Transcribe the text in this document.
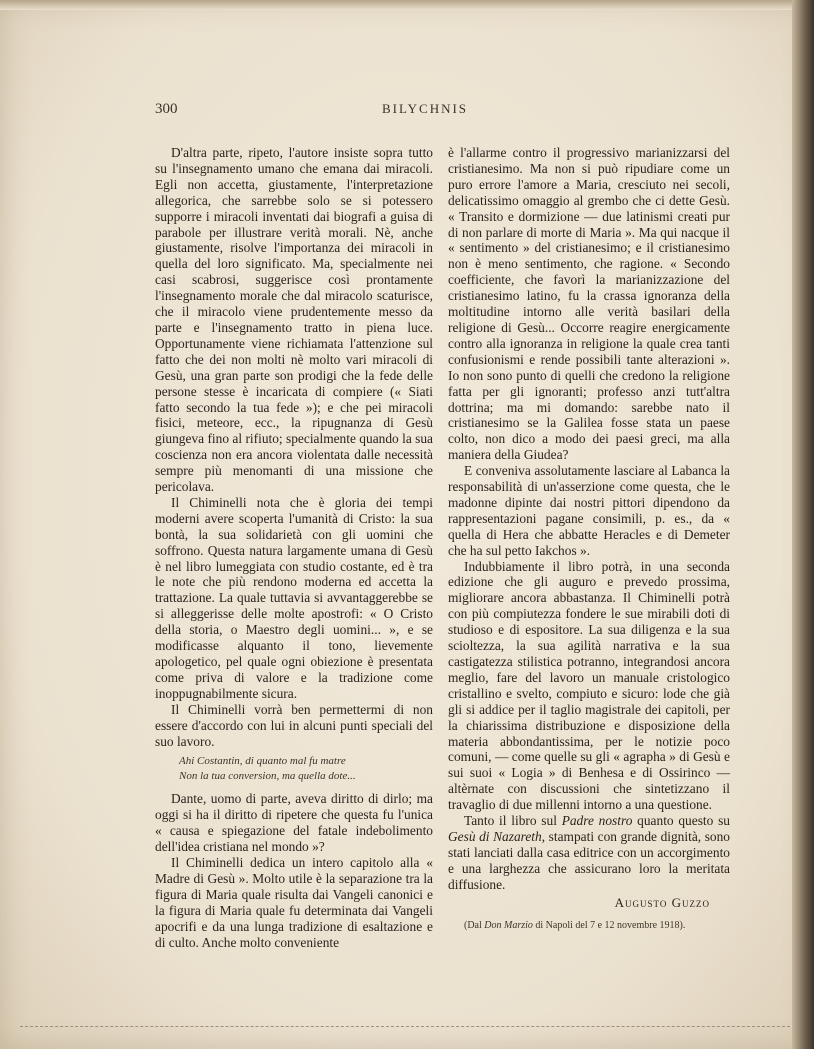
300	BILYCHNIS

D'altra parte, ripeto, l'autore insiste sopra tutto su l'insegnamento umano che emana dai miracoli. Egli non accetta, giustamente, l'interpretazione allegorica, che sarrebbe solo se si potessero supporre i miracoli inventati dai biografi a guisa di parabole per illustrare verità morali. Nè, anche giustamente, risolve l'importanza dei miracoli in quella del loro significato. Ma, specialmente nei casi scabrosi, suggerisce così prontamente l'insegnamento morale che dal miracolo scaturisce, che il miracolo viene prudentemente messo da parte e l'insegnamento tratto in piena luce. Opportunamente viene richiamata l'attenzione sul fatto che dei non molti nè molto vari miracoli di Gesù, una gran parte son prodigi che la fede delle persone stesse è incaricata di compiere (« Siati fatto secondo la tua fede »); e che pei miracoli fisici, meteore, ecc., la ripugnanza di Gesù giungeva fino al rifiuto; specialmente quando la sua coscienza non era ancora violentata dalle necessità sempre più menomanti di una missione che pericolava.

Il Chiminelli nota che è gloria dei tempi moderni avere scoperta l'umanità di Cristo: la sua bontà, la sua solidarietà con gli uomini che soffrono. Questa natura largamente umana di Gesù è nel libro lumeggiata con studio costante, ed è tra le note che più rendono moderna ed accetta la trattazione. La quale tuttavia si avvantaggerebbe se si alleggerisse delle molte apostrofi: « O Cristo della storia, o Maestro degli uomini... », e se modificasse alquanto il tono, lievemente apologetico, pel quale ogni obiezione è presentata come priva di valore e la tradizione come inoppugnabilmente sicura.

Il Chiminelli vorrà ben permettermi di non essere d'accordo con lui in alcuni punti speciali del suo lavoro.

Ahi Costantin, di quanto mal fu matre
Non la tua conversion, ma quella dote...

Dante, uomo di parte, aveva diritto di dirlo; ma oggi si ha il diritto di ripetere che questa fu l'unica « causa e spiegazione del fatale indebolimento dell'idea cristiana nel mondo »?

Il Chiminelli dedica un intero capitolo alla « Madre di Gesù ». Molto utile è la separazione tra la figura di Maria quale risulta dai Vangeli canonici e la figura di Maria quale fu determinata dai Vangeli apocrifi e da una lunga tradizione di esaltazione e di culto. Anche molto conveniente

è l'allarme contro il progressivo marianizzarsi del cristianesimo. Ma non si può ripudiare come un puro errore l'amore a Maria, cresciuto nei secoli, delicatissimo omaggio al grembo che ci dette Gesù. « Transito e dormizione — due latinismi creati pur di non parlare di morte di Maria ». Ma qui nacque il « sentimento » del cristianesimo; e il cristianesimo non è meno sentimento, che ragione. « Secondo coefficiente, che favorì la marianizzazione del cristianesimo latino, fu la crassa ignoranza della moltitudine intorno alle verità basilari della religione di Gesù... Occorre reagire energicamente contro alla ignoranza in religione la quale crea tanti confusionismi e rende possibili tante alterazioni ». Io non sono punto di quelli che credono la religione fatta per gli ignoranti; professo anzi tutt'altra dottrina; ma mi domando: sarebbe nato il cristianesimo se la Galilea fosse stata un paese colto, non dico a modo dei paesi greci, ma alla maniera della Giudea?

E conveniva assolutamente lasciare al Labanca la responsabilità di un'asserzione come questa, che le madonne dipinte dai nostri pittori dipendono da rappresentazioni pagane consimili, p. es., da « quella di Hera che abbatte Heracles e di Demeter che ha sul petto Iakchos ».

Indubbiamente il libro potrà, in una seconda edizione che gli auguro e prevedo prossima, migliorare ancora abbastanza. Il Chiminelli potrà con più compiutezza fondere le sue mirabili doti di studioso e di espositore. La sua diligenza e la sua scioltezza, la sua agilità narrativa e la sua castigatezza stilistica potranno, integrandosi ancora meglio, fare del lavoro un manuale cristologico cristallino e svelto, compiuto e sicuro: lode che già gli si addice per il taglio magistrale dei capitoli, per la chiarissima distribuzione e disposizione della materia abbondantissima, per le notizie poco comuni, — come quelle su gli « agrapha » di Gesù e sui suoi « Logia » di Benhesa e di Ossirinco — altèrnate con discussioni che sintetizzano il travaglio di due millenni intorno a una questione.

Tanto il libro sul Padre nostro quanto questo su Gesù di Nazareth, stampati con grande dignità, sono stati lanciati dalla casa editrice con un accorgimento e una larghezza che assicurano loro la meritata diffusione.

Augusto Guzzo

(Dal Don Marzio di Napoli del 7 e 12 novembre 1918).
